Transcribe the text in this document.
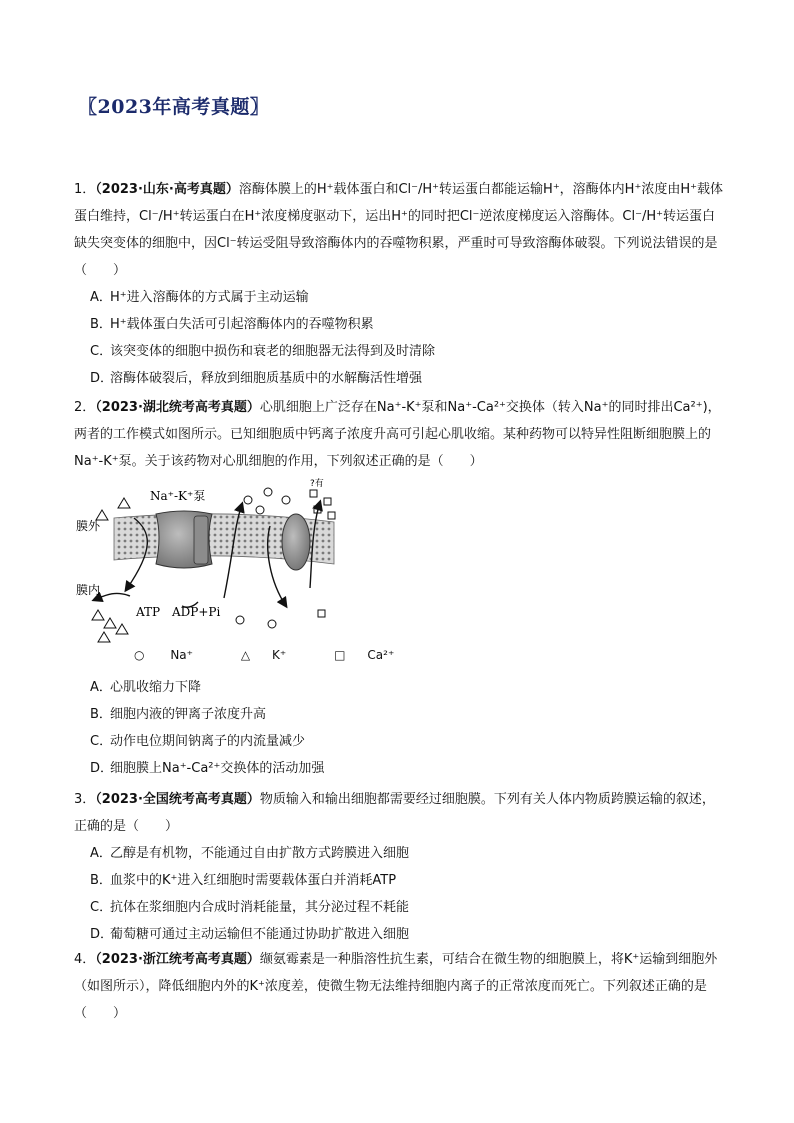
〖2023年高考真题〗

1．（2023·山东·高考真题）溶酶体膜上的H⁺载体蛋白和Cl⁻/H⁺转运蛋白都能运输H⁺，溶酶体内H⁺浓度由H⁺载体蛋白维持，Cl⁻/H⁺转运蛋白在H⁺浓度梯度驱动下，运出H⁺的同时把Cl⁻逆浓度梯度运入溶酶体。Cl⁻/H⁺转运蛋白缺失突变体的细胞中，因Cl⁻转运受阻导致溶酶体内的吞噬物积累，严重时可导致溶酶体破裂。下列说法错误的是（　　）

A．H⁺进入溶酶体的方式属于主动运输
B．H⁺载体蛋白失活可引起溶酶体内的吞噬物积累
C．该突变体的细胞中损伤和衰老的细胞器无法得到及时清除
D．溶酶体破裂后，释放到细胞质基质中的水解酶活性增强

2．（2023·湖北统考高考真题）心肌细胞上广泛存在Na⁺-K⁺泵和Na⁺-Ca²⁺交换体（转入Na⁺的同时排出Ca²⁺)，两者的工作模式如图所示。已知细胞质中钙离子浓度升高可引起心肌收缩。某种药物可以特异性阻断细胞膜上的Na⁺-K⁺泵。关于该药物对心肌细胞的作用，下列叙述正确的是（　　）

Na⁺-K⁺泵
膜外
膜内
ATP ADP+Pi
?有
○ Na⁺	△ K⁺	□ Ca²⁺
A．心肌收缩力下降
B．细胞内液的钾离子浓度升高
C．动作电位期间钠离子的内流量减少
D．细胞膜上Na⁺-Ca²⁺交换体的活动加强

3．（2023·全国统考高考真题）物质输入和输出细胞都需要经过细胞膜。下列有关人体内物质跨膜运输的叙述，正确的是（　　）

A．乙醇是有机物，不能通过自由扩散方式跨膜进入细胞
B．血浆中的K⁺进入红细胞时需要载体蛋白并消耗ATP
C．抗体在浆细胞内合成时消耗能量，其分泌过程不耗能
D．葡萄糖可通过主动运输但不能通过协助扩散进入细胞

4．（2023·浙江统考高考真题）缬氨霉素是一种脂溶性抗生素，可结合在微生物的细胞膜上，将K⁺运输到细胞外（如图所示），降低细胞内外的K⁺浓度差，使微生物无法维持细胞内离子的正常浓度而死亡。下列叙述正确的是（　　）
